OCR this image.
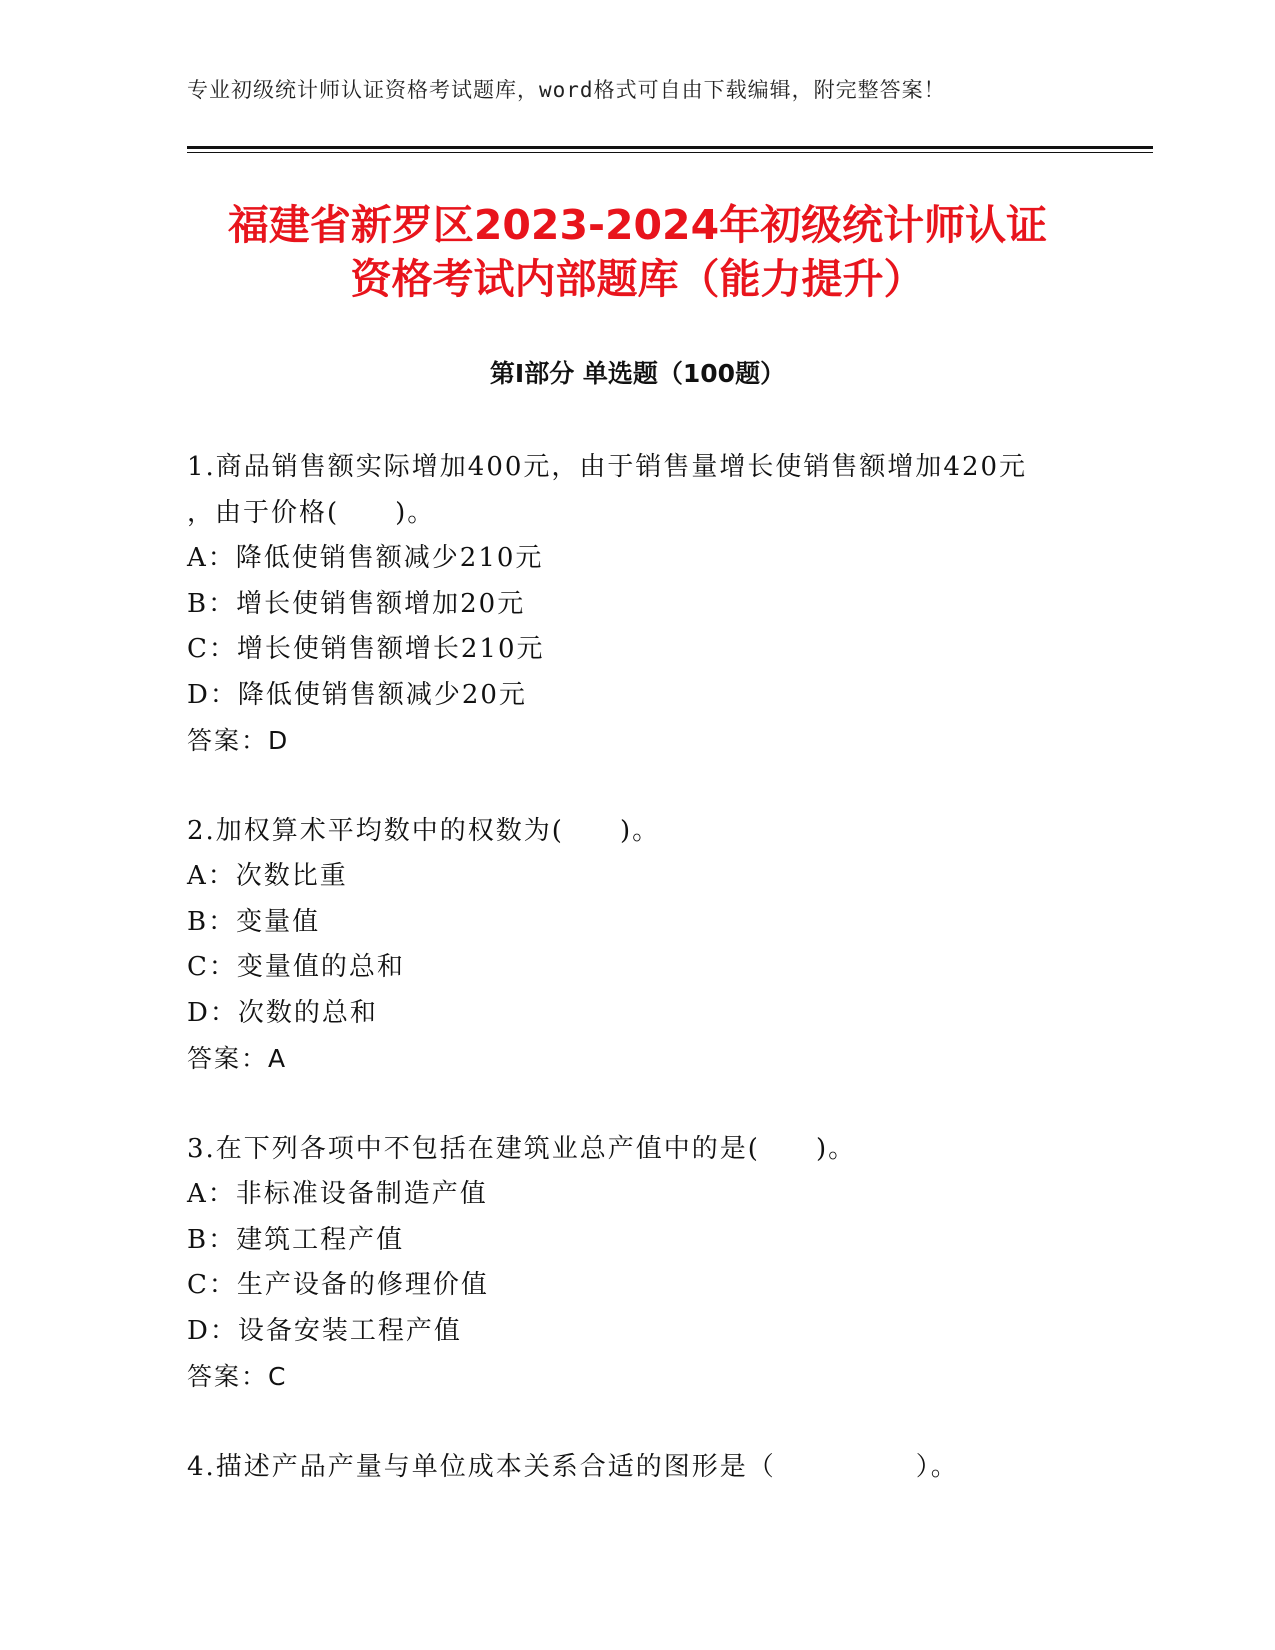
专业初级统计师认证资格考试题库，word格式可自由下载编辑，附完整答案！
福建省新罗区2023-2024年初级统计师认证
资格考试内部题库（能力提升）
第I部分 单选题（100题）
1.商品销售额实际增加400元，由于销售量增长使销售额增加420元
，由于价格(　　)。
A：降低使销售额减少210元
B：增长使销售额增加20元
C：增长使销售额增长210元
D：降低使销售额减少20元
答案：D
2.加权算术平均数中的权数为(　　)。
A：次数比重
B：变量值
C：变量值的总和
D：次数的总和
答案：A
3.在下列各项中不包括在建筑业总产值中的是(　　)。
A：非标准设备制造产值
B：建筑工程产值
C：生产设备的修理价值
D：设备安装工程产值
答案：C
4.描述产品产量与单位成本关系合适的图形是（　　　　　）。
